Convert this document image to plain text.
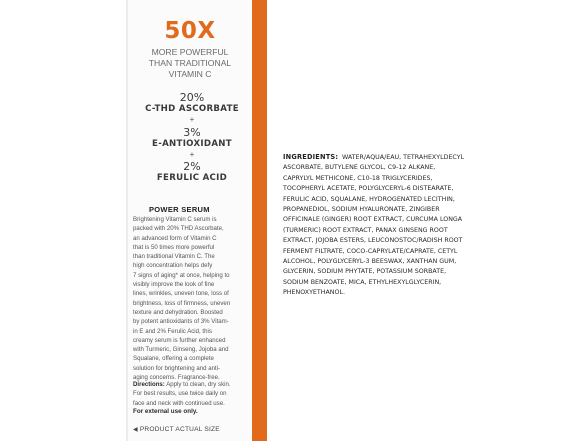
50X
MORE POWERFUL
THAN TRADITIONAL
VITAMIN C
20%
C-THD ASCORBATE
+
3%
E-ANTIOXIDANT
+
2%
FERULIC ACID
POWER SERUM
Brightening Vitamin C serum is
packed with 20% THD Ascorbate,
an advanced form of Vitamin C
that is 50 times more powerful
than traditional Vitamin C. The
high concentration helps defy
7 signs of aging* at once, helping to
visibly improve the look of fine
lines, wrinkles, uneven tone, loss of
brightness, loss of firmness, uneven
texture and dehydration. Boosted
by potent antioxidants of 3% Vitam-
in E and 2% Ferulic Acid, this
creamy serum is further enhanced
with Turmeric, Ginseng, Jojoba and
Squalane, offering a complete
solution for brightening and anti-
aging concerns. Fragrance-free.
Directions: Apply to clean, dry skin.
For best results, use twice daily on
face and neck with continued use.
For external use only.
◀ PRODUCT ACTUAL SIZE
INGREDIENTS: WATER/AQUA/EAU, TETRAHEXYLDECYL
ASCORBATE, BUTYLENE GLYCOL, C9-12 ALKANE,
CAPRYLYL METHICONE, C10-18 TRIGLYCERIDES,
TOCOPHERYL ACETATE, POLYGLYCERYL-6 DISTEARATE,
FERULIC ACID, SQUALANE, HYDROGENATED LECITHIN,
PROPANEDIOL, SODIUM HYALURONATE, ZINGIBER
OFFICINALE (GINGER) ROOT EXTRACT, CURCUMA LONGA
(TURMERIC) ROOT EXTRACT, PANAX GINSENG ROOT
EXTRACT, JOJOBA ESTERS, LEUCONOSTOC/RADISH ROOT
FERMENT FILTRATE, COCO-CAPRYLATE/CAPRATE, CETYL
ALCOHOL, POLYGLYCERYL-3 BEESWAX, XANTHAN GUM,
GLYCERIN, SODIUM PHYTATE, POTASSIUM SORBATE,
SODIUM BENZOATE, MICA, ETHYLHEXYLGLYCERIN,
PHENOXYETHANOL.
